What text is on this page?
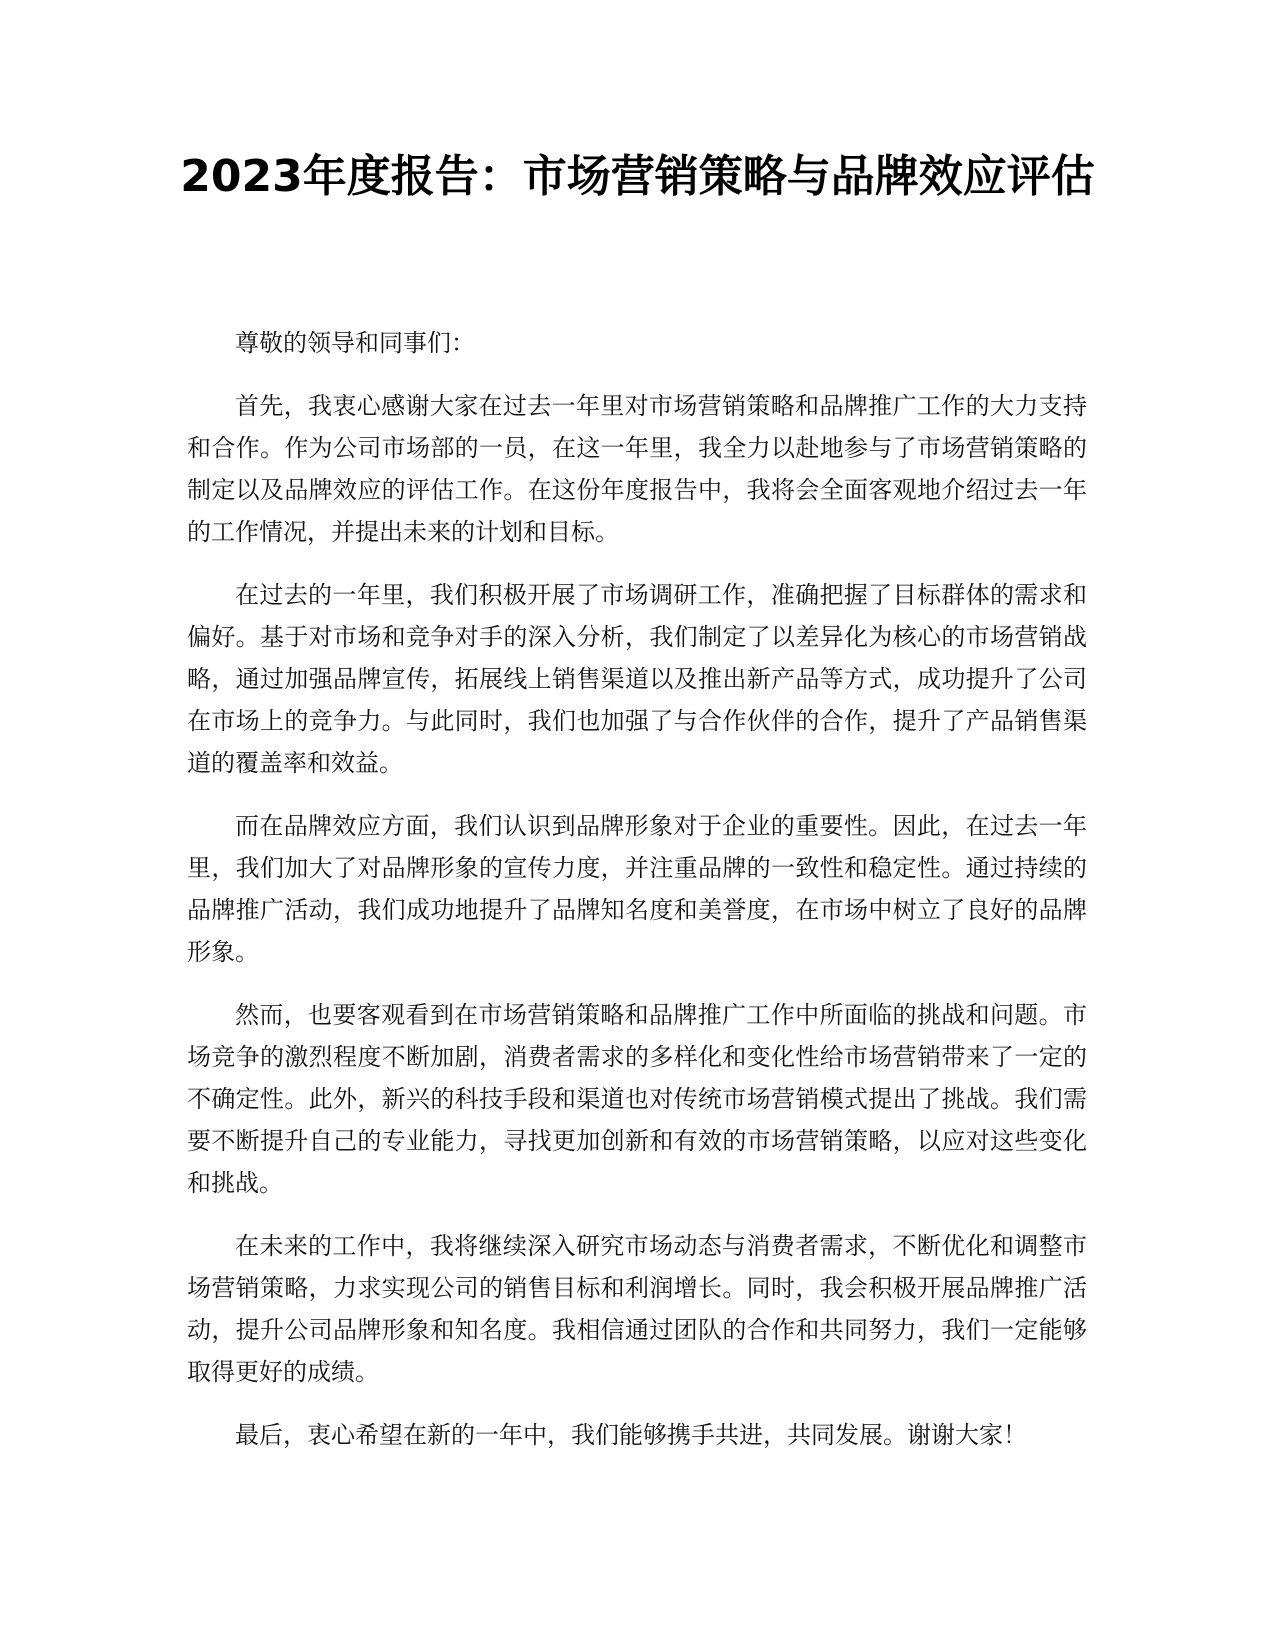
2023年度报告：市场营销策略与品牌效应评估

尊敬的领导和同事们：

首先，我衷心感谢大家在过去一年里对市场营销策略和品牌推广工作的大力支持和合作。作为公司市场部的一员，在这一年里，我全力以赴地参与了市场营销策略的制定以及品牌效应的评估工作。在这份年度报告中，我将会全面客观地介绍过去一年的工作情况，并提出未来的计划和目标。

在过去的一年里，我们积极开展了市场调研工作，准确把握了目标群体的需求和偏好。基于对市场和竞争对手的深入分析，我们制定了以差异化为核心的市场营销战略，通过加强品牌宣传，拓展线上销售渠道以及推出新产品等方式，成功提升了公司在市场上的竞争力。与此同时，我们也加强了与合作伙伴的合作，提升了产品销售渠道的覆盖率和效益。

而在品牌效应方面，我们认识到品牌形象对于企业的重要性。因此，在过去一年里，我们加大了对品牌形象的宣传力度，并注重品牌的一致性和稳定性。通过持续的品牌推广活动，我们成功地提升了品牌知名度和美誉度，在市场中树立了良好的品牌形象。

然而，也要客观看到在市场营销策略和品牌推广工作中所面临的挑战和问题。市场竞争的激烈程度不断加剧，消费者需求的多样化和变化性给市场营销带来了一定的不确定性。此外，新兴的科技手段和渠道也对传统市场营销模式提出了挑战。我们需要不断提升自己的专业能力，寻找更加创新和有效的市场营销策略，以应对这些变化和挑战。

在未来的工作中，我将继续深入研究市场动态与消费者需求，不断优化和调整市场营销策略，力求实现公司的销售目标和利润增长。同时，我会积极开展品牌推广活动，提升公司品牌形象和知名度。我相信通过团队的合作和共同努力，我们一定能够取得更好的成绩。

最后，衷心希望在新的一年中，我们能够携手共进，共同发展。谢谢大家！
